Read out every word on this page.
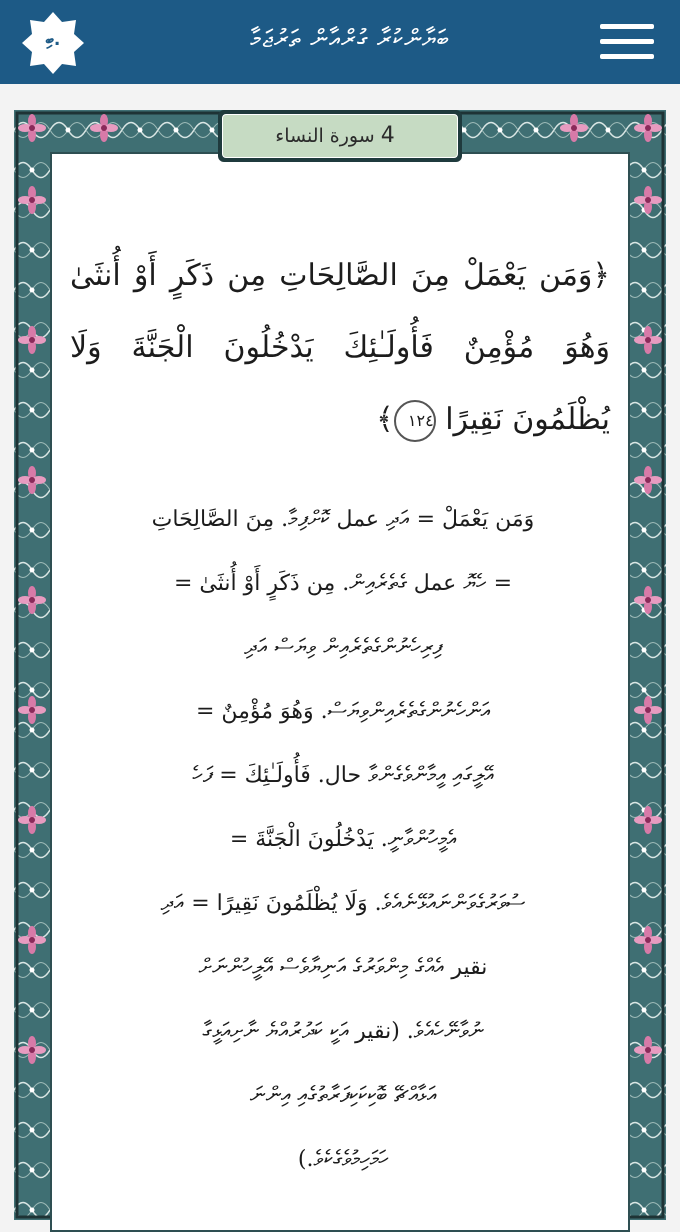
ބި.	ބަޔާންކުރާ ގުރްއާން ތަރުޖަމާ
4 سورة النساء
﴿وَمَن يَعْمَلْ مِنَ الصَّالِحَاتِ مِن ذَكَرٍ أَوْ أُنثَىٰ وَهُوَ مُؤْمِنٌ فَأُولَـٰئِكَ يَدْخُلُونَ الْجَنَّةَ وَلَا يُظْلَمُونَ نَقِيرًا ١٢٤﴾
وَمَن يَعْمَلْ = އަދި عمل ކޮށްފިމާ. مِنَ الصَّالِحَاتِ
= ހެޔޮ عمل ގެތެރެއިން. مِن ذَكَرٍ أَوْ أُنثَىٰ =
ފިރިހެނުންގެތެރެއިން ވިޔަސް އަދި
އަންހެނުންގެތެރެއިންވިޔަސް. وَهُوَ مُؤْمِنٌ =
އޭލީގައި އީމާންވެގެންވާ حال. فَأُولَـٰئِكَ = ފަހެ
އެމީހުންވާނީ. يَدْخُلُونَ الْجَنَّةَ =
ސުވަރުގެވަންނައުޅޭނެއެވެ. وَلَا يُظْلَمُونَ نَقِيرًا = އަދި
نقير އެއްގެ މިންވަރުގެ އަނިޔާވެސް އޭލީހުންނަށް
ނުވާނޭހެއެވެ. (نقير އަކީ ކަދުރުއްޔެ ނާށިއަޅީގާ
އަޅާއްޗޭ ބޮކިކަކިފަރާތުގެއި އިންނަ
ހަމަހިމުވެގެކެވެ.)
